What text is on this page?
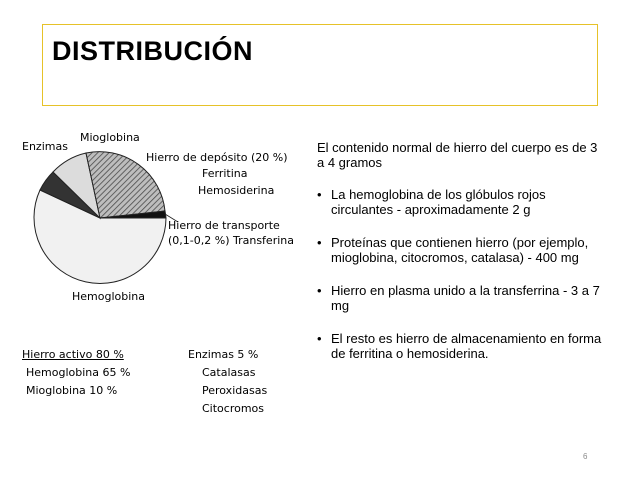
DISTRIBUCIÓN
Enzimas
Mioglobina
Hierro de depósito (20 %)
Ferritina
Hemosiderina
Hierro de transporte
(0,1-0,2 %) Transferina
Hemoglobina
Hierro activo 80 %
Hemoglobina 65 %
Mioglobina 10 %
Enzimas 5 %
Catalasas
Peroxidasas
Citocromos

El contenido normal de hierro del cuerpo es de 3 a 4 gramos

• La hemoglobina de los glóbulos rojos circulantes - aproximadamente 2 g
• Proteínas que contienen hierro (por ejemplo, mioglobina, citocromos, catalasa) - 400 mg
• Hierro en plasma unido a la transferrina - 3 a 7 mg
• El resto es hierro de almacenamiento en forma de ferritina o hemosiderina.
6
